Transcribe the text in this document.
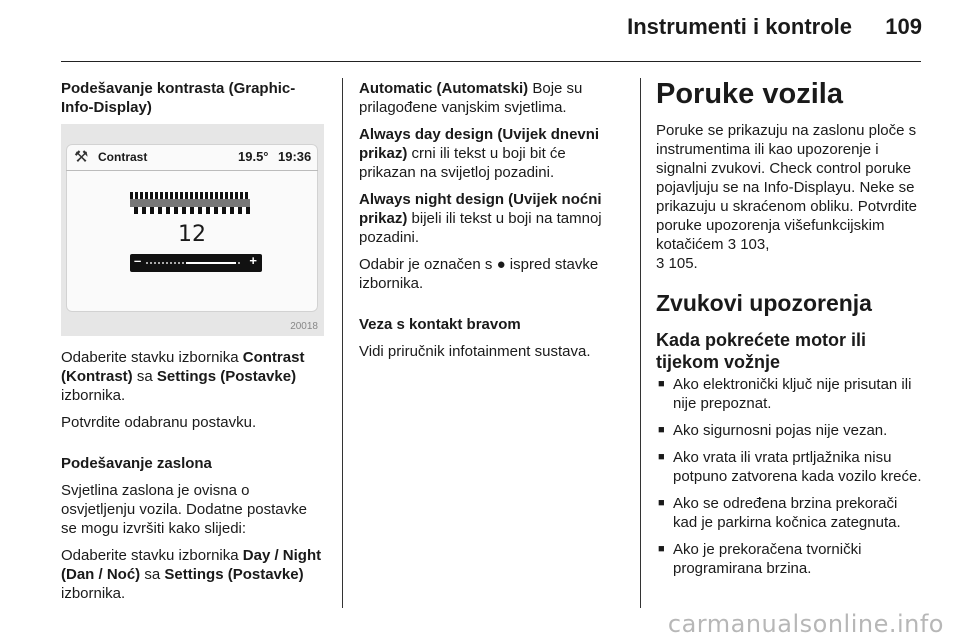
Instrumenti i kontrole 109

Podešavanje kontrasta (Graphic-Info-Display)

⚒ Contrast	19.5° 19:36
12
–	+
20018

Odaberite stavku izbornika Contrast (Kontrast) sa Settings (Postavke) izbornika.

Potvrdite odabranu postavku.

Podešavanje zaslona

Svjetlina zaslona je ovisna o osvjetljenju vozila. Dodatne postavke se mogu izvršiti kako slijedi:

Odaberite stavku izbornika Day / Night (Dan / Noć) sa Settings (Postavke) izbornika.

Automatic (Automatski) Boje su prilagođene vanjskim svjetlima.

Always day design (Uvijek dnevni prikaz) crni ili tekst u boji bit će prikazan na svijetloj pozadini.

Always night design (Uvijek noćni prikaz) bijeli ili tekst u boji na tamnoj pozadini.

Odabir je označen s ● ispred stavke izbornika.

Veza s kontakt bravom

Vidi priručnik infotainment sustava.

Poruke vozila

Poruke se prikazuju na zaslonu ploče s instrumentima ili kao upozorenje i signalni zvukovi. Check control poruke pojavljuju se na Info-Displayu. Neke se prikazuju u skraćenom obliku. Potvrdite poruke upozorenja višefunkcijskim kotačićem 3 103,
3 105.

Zvukovi upozorenja

Kada pokrećete motor ili tijekom vožnje

■ Ako elektronički ključ nije prisutan ili nije prepoznat.
■ Ako sigurnosni pojas nije vezan.
■ Ako vrata ili vrata prtljažnika nisu potpuno zatvorena kada vozilo kreće.
■ Ako se određena brzina prekorači kad je parkirna kočnica zategnuta.
■ Ako je prekoračena tvornički programirana brzina.
carmanualsonline.info
